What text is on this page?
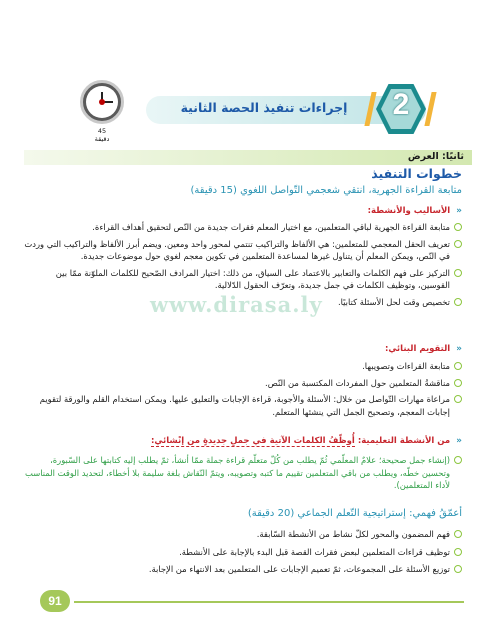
إجراءات تنفيذ الحصة الثانية	2
45
دقيقة
ثانيًا: العرض
خطوات التنفيذ
متابعة القراءة الجهرية، انتقي شعجمي التّواصل اللغوي (15 دقيقة)
« الأساليب والأنشطة:
متابعة القراءة الجهرية لباقي المتعلمين، مع اختيار المعلم فقرات جديدة من النّص لتحقيق أهداف القراءة.
تعريف الحقل المعجمي للمتعلمين: هي الألفاظ والتراكيب تنتمي لمحور واحد ومعين. ويضم أبرز الألفاظ والتراكيب التي وردت في النّص، ويمكن المعلم أن يتناول غيرها لمساعدة المتعلمين في تكوين معجم لغوي حول موضوعات جديدة.
التركيز على فهم الكلمات والتعابير بالاعتماد على السياق، من ذلك: اختيار المرادف الصّحيح للكلمات الملوّنة ممّا بين القوسين، وتوظيف الكلمات في جمل جديدة، وتعرّف الحقول الدّلالية.
تخصيص وقت لحل الأسئلة كتابيًا.
www.dirasa.ly
« التقويم البنائي:
متابعة القراءات وتصويبها.
مناقشةُ المتعلمين حول المفردات المكتسبة من النّص.
مراعاة مهارات التّواصل من خلال: الأسئلة والأجوبة، قراءة الإجابات والتعليق عليها. ويمكن استخدام القلم والورقة لتقويم إجابات المعجم، وتصحيح الجمل التي ينشئها المتعلم.
« من الأنشطة التعليمية: أُوظّفُ الكلمات الآتية في جملٍ جديدةٍ من إنْشائي:
(إنشاء جمل صحيحة؛ علامٌ المعلّمي ثُمّ يطلب من كُلّ متعلّم قراءة جملة ممّا أنشأ، ثمّ يطلب إليه كتابتها على السّبورة، وتحسين خطّه، ويطلب من باقي المتعلمين تقييم ما كتبه وتصويبه، ويتمّ النّقاش بلغة سليمة بلا أخطاء، لتحديد الوقت المناسب لأداء المتعلمين).
أعمّقُ فهمي: إستراتيجية التّعلم الجماعي (20 دقيقة)
فهم المضمون والمحور لكلّ نشاط من الأنشطة السّابقة.
توظيف قراءات المتعلمين لبعض فقرات القصة قبل البدء بالإجابة على الأنشطة.
توزيع الأسئلة على المجموعات، ثمّ تعميم الإجابات على المتعلمين بعد الانتهاء من الإجابة.
91
